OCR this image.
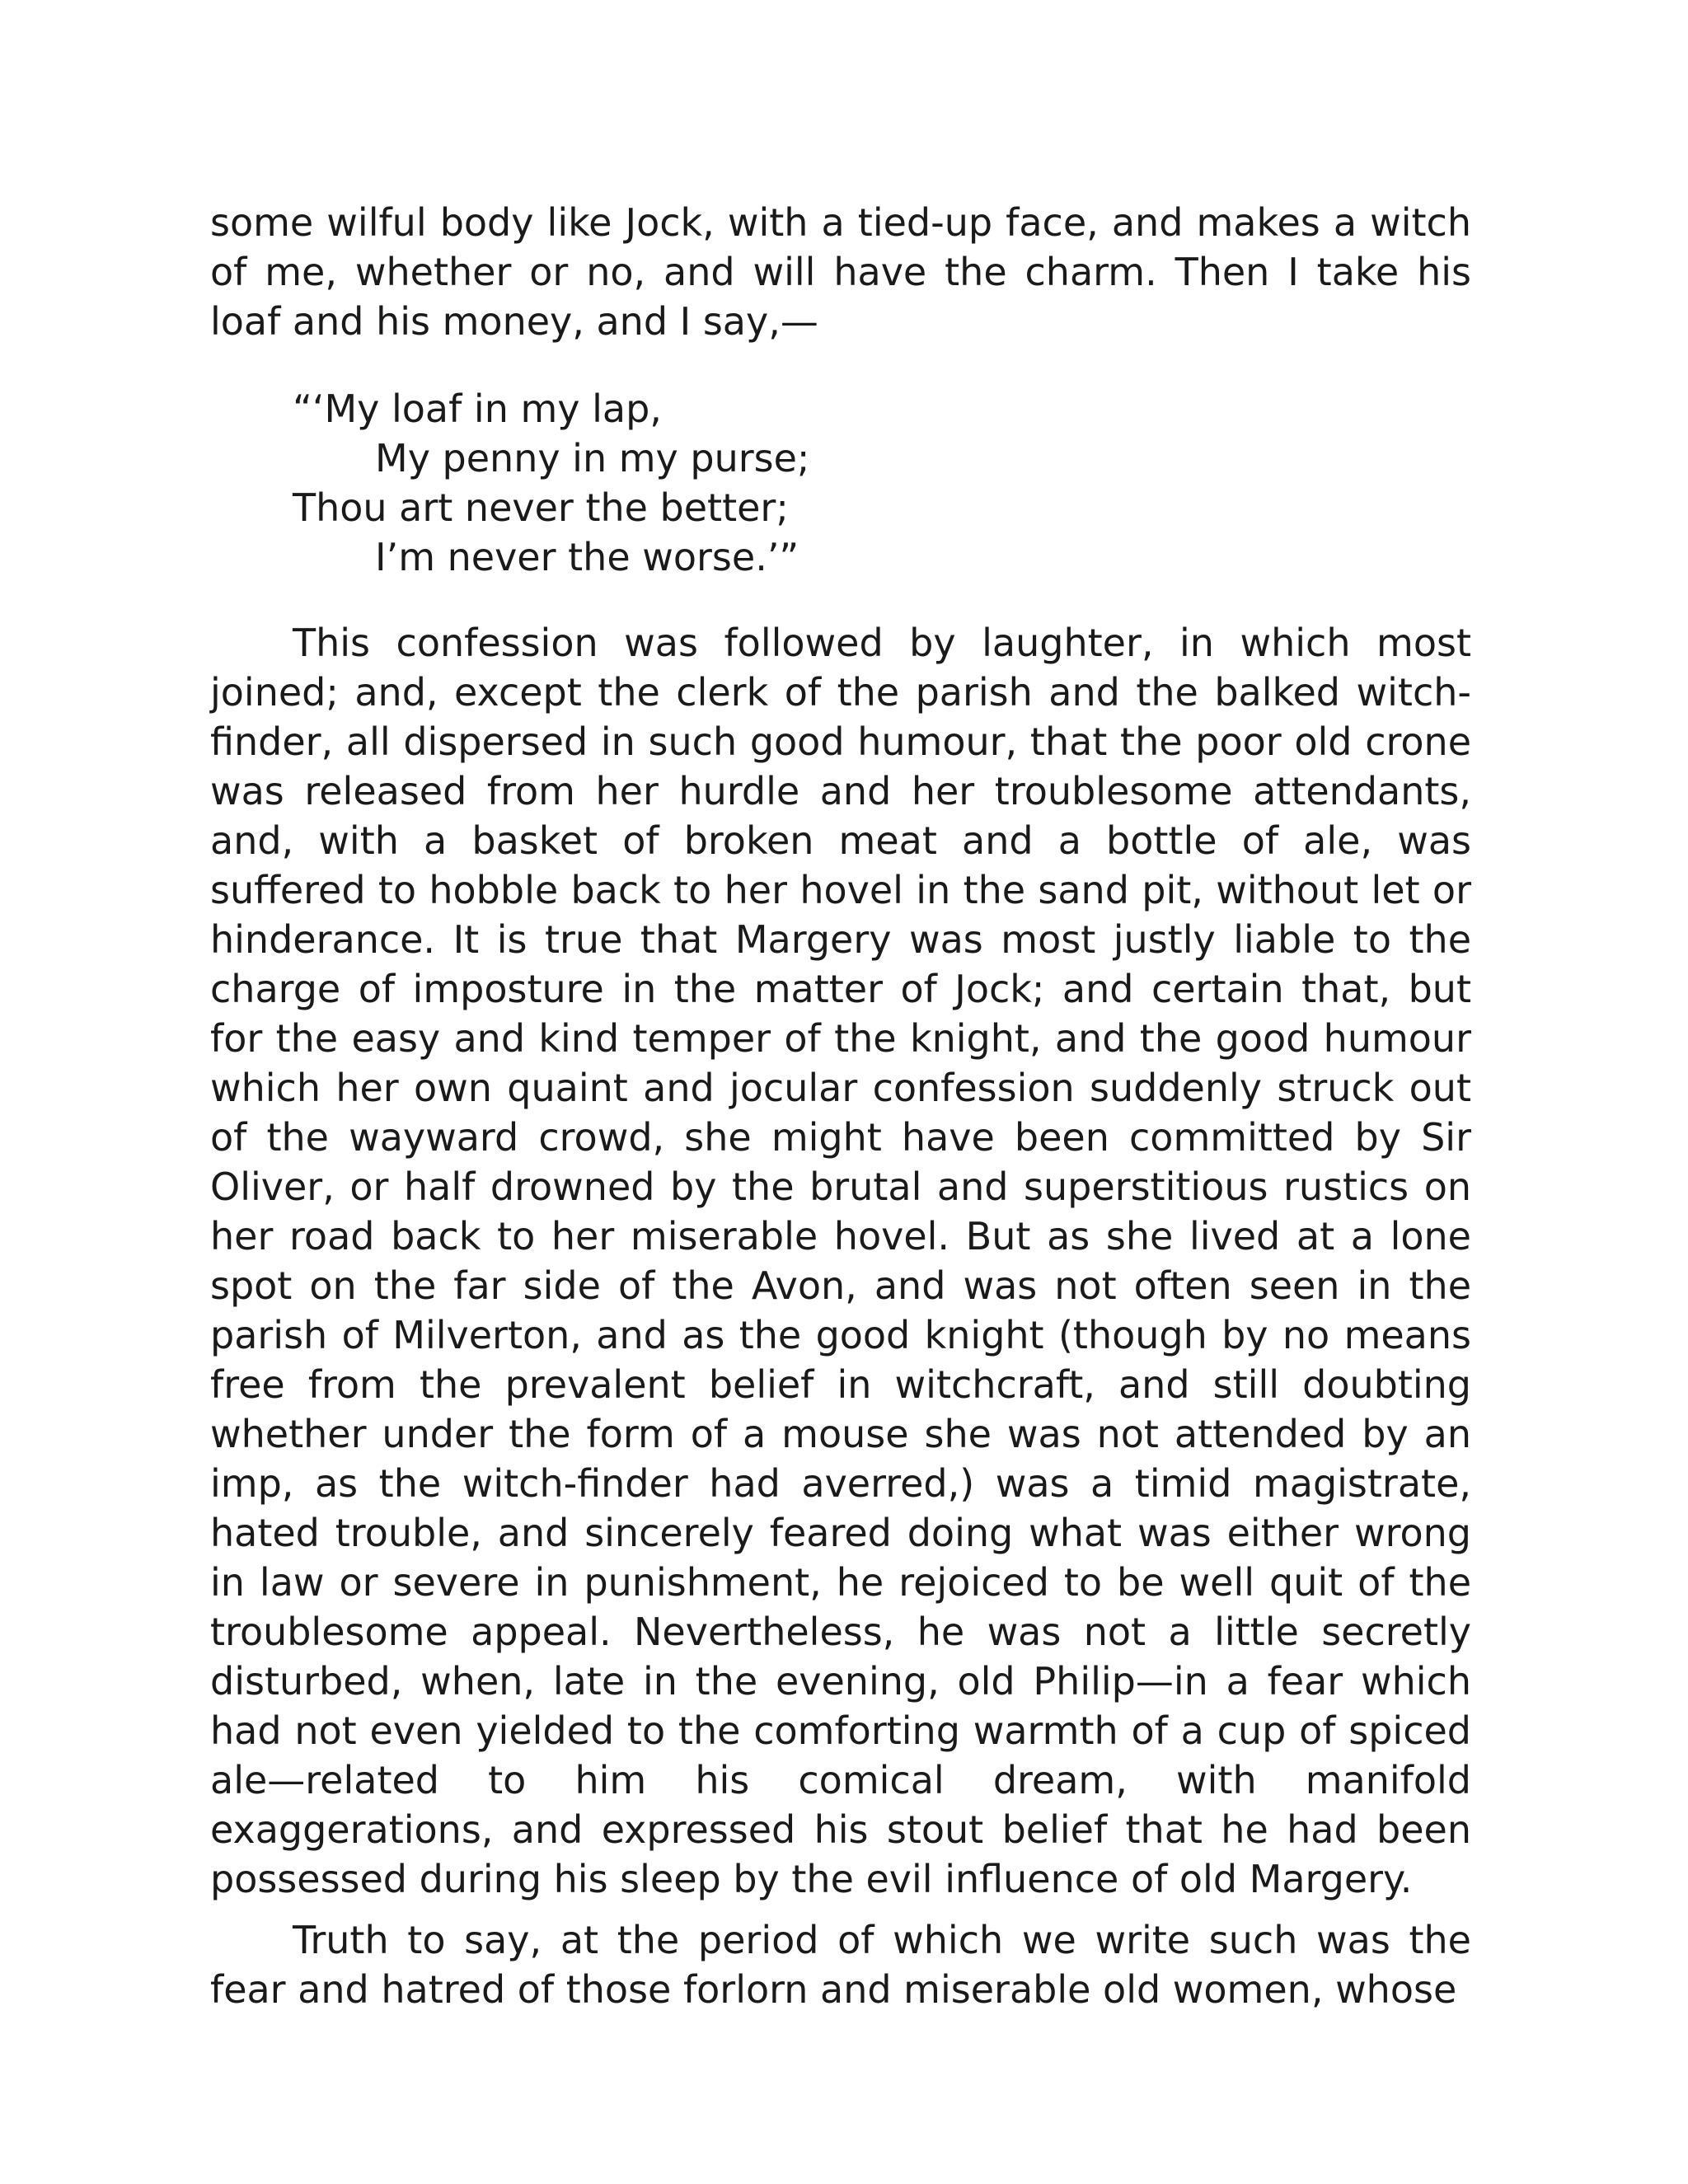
some wilful body like Jock, with a tied-up face, and makes a witch of me, whether or no, and will have the charm. Then I take his loaf and his money, and I say,—

“‘My loaf in my lap,
My penny in my purse;
Thou art never the better;
I’m never the worse.’”

This confession was followed by laughter, in which most joined; and, except the clerk of the parish and the balked witch-finder, all dispersed in such good humour, that the poor old crone was released from her hurdle and her troublesome attendants, and, with a basket of broken meat and a bottle of ale, was suffered to hobble back to her hovel in the sand pit, without let or hinderance. It is true that Margery was most justly liable to the charge of imposture in the matter of Jock; and certain that, but for the easy and kind temper of the knight, and the good humour which her own quaint and jocular confession suddenly struck out of the wayward crowd, she might have been committed by Sir Oliver, or half drowned by the brutal and superstitious rustics on her road back to her miserable hovel. But as she lived at a lone spot on the far side of the Avon, and was not often seen in the parish of Milverton, and as the good knight (though by no means free from the prevalent belief in witchcraft, and still doubting whether under the form of a mouse she was not attended by an imp, as the witch-finder had averred,) was a timid magistrate, hated trouble, and sincerely feared doing what was either wrong in law or severe in punishment, he rejoiced to be well quit of the troublesome appeal. Nevertheless, he was not a little secretly disturbed, when, late in the evening, old Philip—in a fear which had not even yielded to the comforting warmth of a cup of spiced ale—related to him his comical dream, with manifold exaggerations, and expressed his stout belief that he had been possessed during his sleep by the evil influence of old Margery.

Truth to say, at the period of which we write such was the fear and hatred of those forlorn and miserable old women, whose
